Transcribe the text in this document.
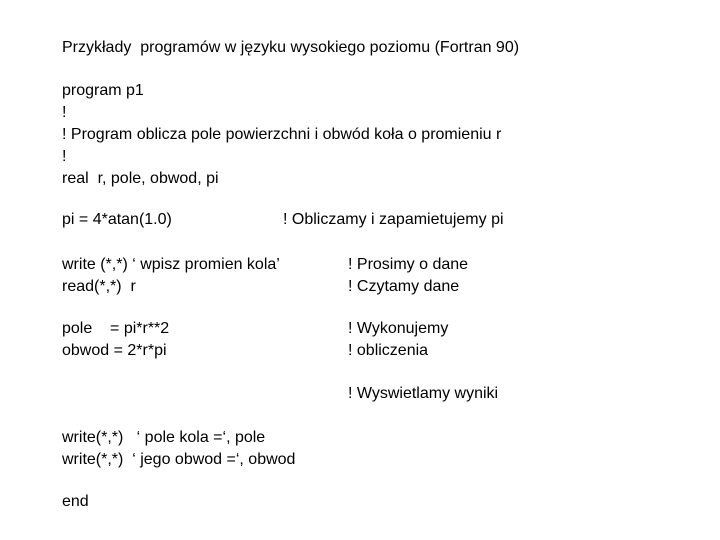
Przykłady  programów w języku wysokiego poziomu (Fortran 90)
program p1
!
! Program oblicza pole powierzchni i obwód koła o promieniu r
!
real  r, pole, obwod, pi
pi = 4*atan(1.0)	! Obliczamy i zapamietujemy pi
write (*,*) ‘ wpisz promien kola’	! Prosimy o dane
read(*,*)  r	! Czytamy dane
pole    = pi*r**2	! Wykonujemy
obwod = 2*r*pi	! obliczenia
! Wyswietlamy wyniki
write(*,*)   ‘ pole kola =‘, pole
write(*,*)  ‘ jego obwod =‘, obwod
end
